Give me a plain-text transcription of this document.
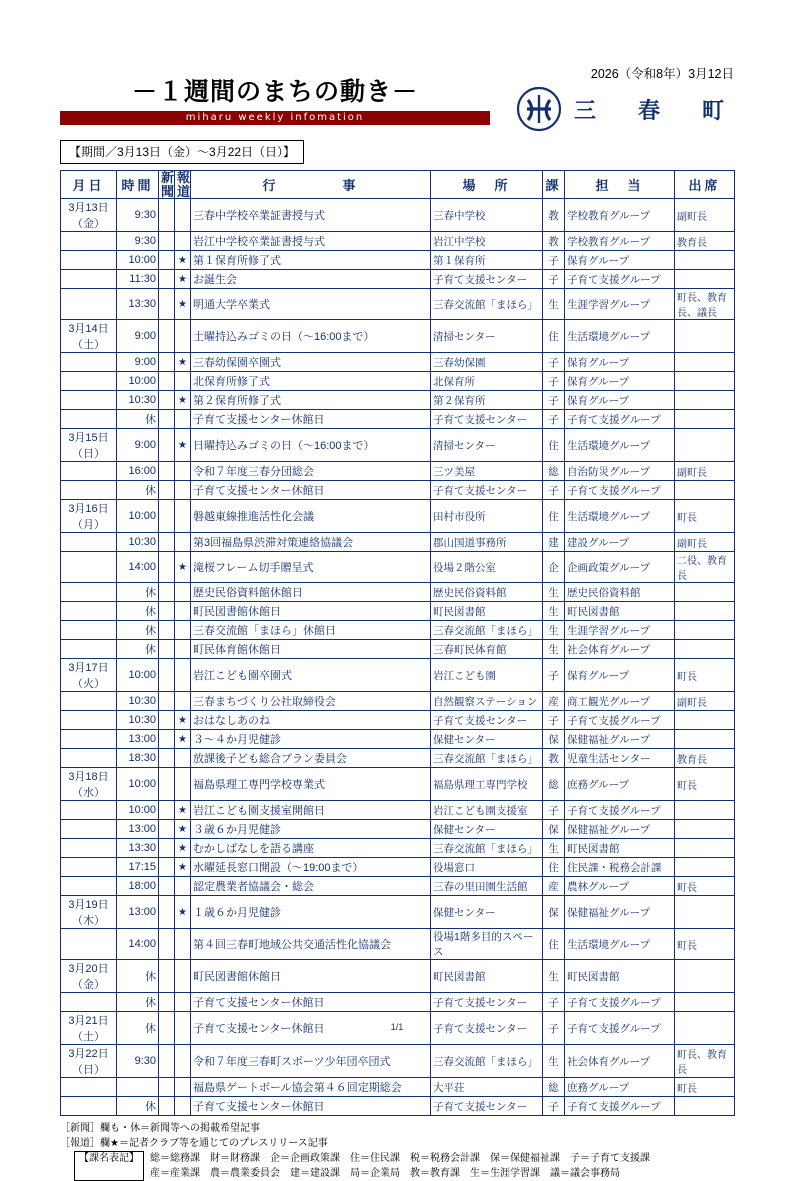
－１週間のまちの動き－
miharu weekly infomation
2026（令和8年）3月12日
三　春　町
【期間／3月13日（金）～3月22日（日）】
月日	時間	新聞	報道	行　　　　事	場　所	課	担　当	出席

3月13日
（金）	9:30			三春中学校卒業証書授与式	三春中学校	教	学校教育グループ	副町長

	9:30			岩江中学校卒業証書授与式	岩江中学校	教	学校教育グループ	教育長

	10:00		★	第１保育所修了式	第１保育所	子	保育グループ	

	11:30		★	お誕生会	子育て支援センター	子	子育て支援グループ	

	13:30		★	明通大学卒業式	三春交流館「まほら」	生	生涯学習グループ	町長、教育長、議長

3月14日
（土）	9:00			土曜持込みゴミの日（～16:00まで）	清掃センター	住	生活環境グループ	

	9:00		★	三春幼保園卒園式	三春幼保園	子	保育グループ	

	10:00			北保育所修了式	北保育所	子	保育グループ	

	10:30		★	第２保育所修了式	第２保育所	子	保育グループ	

	休			子育て支援センター休館日	子育て支援センター	子	子育て支援グループ	

3月15日
（日）	9:00		★	日曜持込みゴミの日（～16:00まで）	清掃センター	住	生活環境グループ	

	16:00			令和７年度三春分団総会	三ツ美屋	総	自治防災グループ	副町長

	休			子育て支援センター休館日	子育て支援センター	子	子育て支援グループ	

3月16日
（月）	10:00			磐越東線推進活性化会議	田村市役所	住	生活環境グループ	町長

	10:30			第3回福島県渋滞対策連絡協議会	郡山国道事務所	建	建設グループ	副町長

	14:00		★	滝桜フレーム切手贈呈式	役場２階公室	企	企画政策グループ	二役、教育長

	休			歴史民俗資料館休館日	歴史民俗資料館	生	歴史民俗資料館	

	休			町民図書館休館日	町民図書館	生	町民図書館	

	休			三春交流館「まほら」休館日	三春交流館「まほら」	生	生涯学習グループ	

	休			町民体育館休館日	三春町民体育館	生	社会体育グループ	

3月17日
（火）	10:00			岩江こども園卒園式	岩江こども園	子	保育グループ	町長

	10:30			三春まちづくり公社取締役会	自然観察ステーション	産	商工観光グループ	副町長

	10:30		★	おはなしあのね	子育て支援センター	子	子育て支援グループ	

	13:00		★	３～４か月児健診	保健センター	保	保健福祉グループ	

	18:30			放課後子ども総合プラン委員会	三春交流館「まほら」	教	児童生活センター	教育長

3月18日
（水）	10:00			福島県理工専門学校専業式	福島県理工専門学校	総	庶務グループ	町長

	10:00		★	岩江こども園支援室開館日	岩江こども園支援室	子	子育て支援グループ	

	13:00		★	３歳６か月児健診	保健センター	保	保健福祉グループ	

	13:30		★	むかしばなしを語る講座	三春交流館「まほら」	生	町民図書館	

	17:15		★	水曜延長窓口開設（～19:00まで）	役場窓口	住	住民課・税務会計課	

	18:00			認定農業者協議会・総会	三春の里田園生活館	産	農林グループ	町長

3月19日
（木）	13:00		★	１歳６か月児健診	保健センター	保	保健福祉グループ	

	14:00			第４回三春町地域公共交通活性化協議会	役場1階多目的スペース	住	生活環境グループ	町長

3月20日
（金）	休			町民図書館休館日	町民図書館	生	町民図書館	

	休			子育て支援センター休館日	子育て支援センター	子	子育て支援グループ	

3月21日
（土）	休			子育て支援センター休館日	子育て支援センター	子	子育て支援グループ	

3月22日
（日）	9:30			令和７年度三春町スポーツ少年団卒団式	三春交流館「まほら」	生	社会体育グループ	町長、教育長

				福島県ゲートボール協会第４６回定期総会	大平荘	総	庶務グループ	町長

	休			子育て支援センター休館日	子育て支援センター	子	子育て支援グループ	
［新聞］欄も・休＝新聞等への掲載希望記事
［報道］欄★＝記者クラブ等を通じてのプレスリリース記事
【課名表記】	総＝総務課　財＝財務課　企＝企画政策課　住＝住民課　税＝税務会計課　保＝保健福祉課　子＝子育て支援課
産＝産業課　農＝農業委員会　建＝建設課　局＝企業局　教＝教育課　生＝生涯学習課　議＝議会事務局
1/1
